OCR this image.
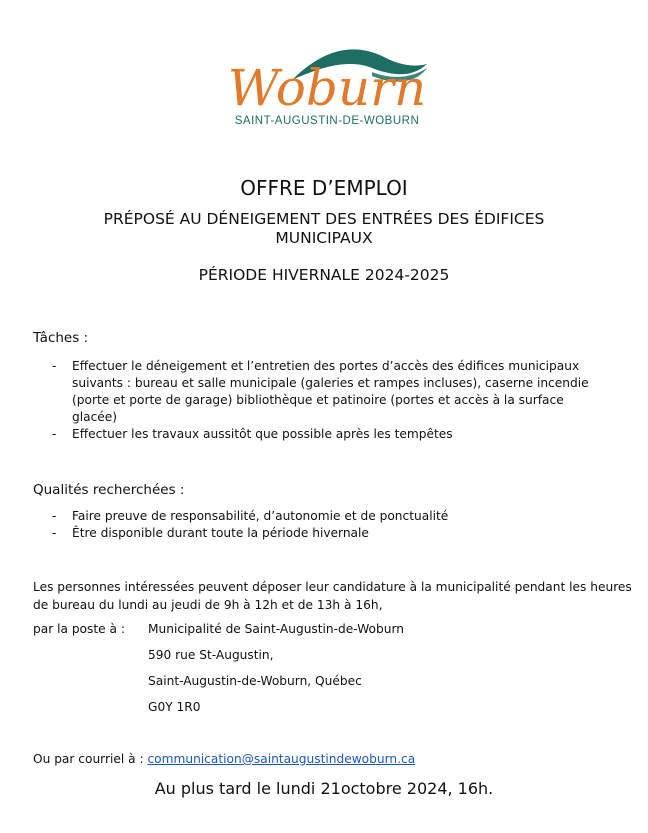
Woburn
SAINT-AUGUSTIN-DE-WOBURN
OFFRE D’EMPLOI
PRÉPOSÉ AU DÉNEIGEMENT DES ENTRÉES DES ÉDIFICES
MUNICIPAUX
PÉRIODE HIVERNALE 2024-2025
Tâches :
- Effectuer le déneigement et l’entretien des portes d’accès des édifices municipaux suivants : bureau et salle municipale (galeries et rampes incluses), caserne incendie (porte et porte de garage) bibliothèque et patinoire (portes et accès à la surface glacée)
- Effectuer les travaux aussitôt que possible après les tempêtes
Qualités recherchées :
- Faire preuve de responsabilité, d’autonomie et de ponctualité
- Être disponible durant toute la période hivernale
Les personnes intéressées peuvent déposer leur candidature à la municipalité pendant les heures de bureau du lundi au jeudi de 9h à 12h et de 13h à 16h,
par la poste à : Municipalité de Saint-Augustin-de-Woburn
590 rue St-Augustin,
Saint-Augustin-de-Woburn, Québec
G0Y 1R0
Ou par courriel à : communication@saintaugustindewoburn.ca
Au plus tard le lundi 21octobre 2024, 16h.
